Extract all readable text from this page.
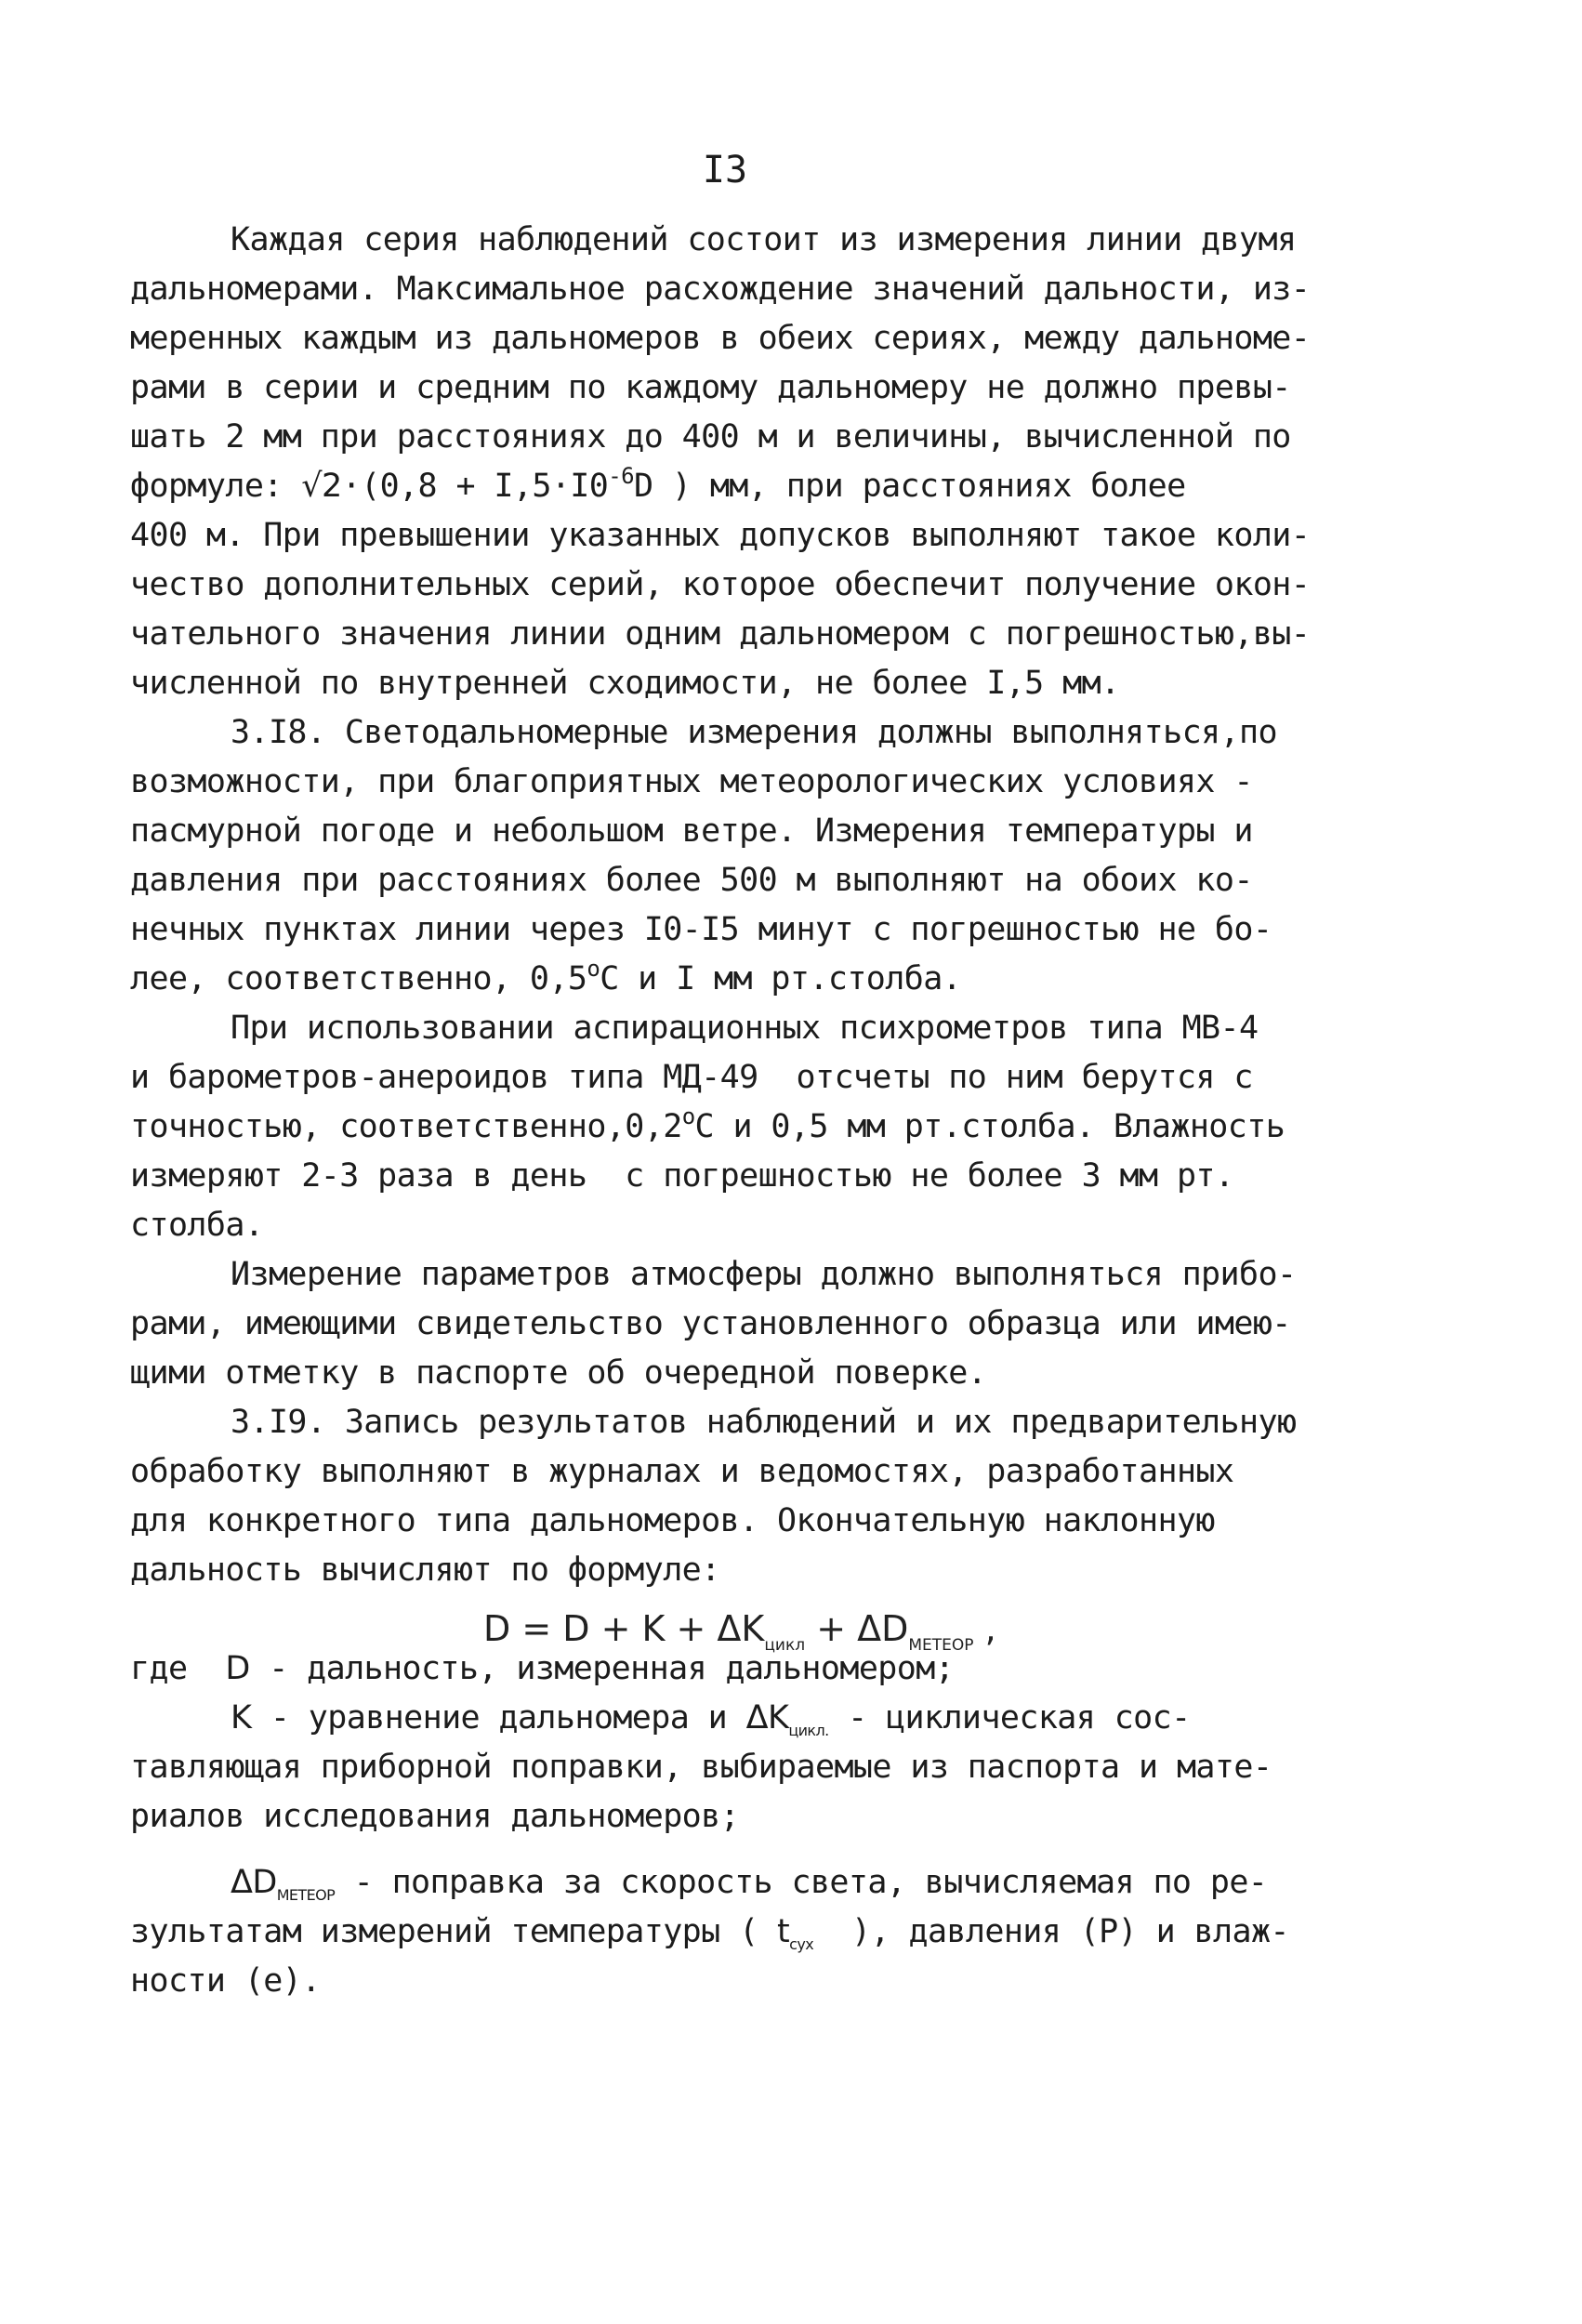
I3
Каждая серия наблюдений состоит из измерения линии двумя
дальномерами. Максимальное расхождение значений дальности, из-
меренных каждым из дальномеров в обеих сериях, между дальноме-
рами в серии и средним по каждому дальномеру не должно превы-
шать 2 мм при расстояниях до 400 м и величины, вычисленной по
формуле: $√2\cdot(0,8 + I,5\cdot I0^{-6}D$ ) мм, при расстояниях более
400 м. При превышении указанных допусков выполняют такое коли-
чество дополнительных серий, которое обеспечит получение окон-
чательного значения линии одним дальномером с погрешностью,вы-
численной по внутренней сходимости, не более I,5 мм.
3.I8. Светодальномерные измерения должны выполняться,по
возможности, при благоприятных метеорологических условиях -
пасмурной погоде и небольшом ветре. Измерения температуры и
давления при расстояниях более 500 м выполняют на обоих ко-
нечных пунктах линии через I0-I5 минут с погрешностью не бо-
лее, соответственно, 0,5$^o$C и I мм рт.столба.
При использовании аспирационных психрометров типа МВ-4
и барометров-анероидов типа МД-49  отсчеты по ним берутся с
точностью, соответственно,0,2$^o$C и 0,5 мм рт.столба. Влажность
измеряют 2-3 раза в день  с погрешностью не более 3 мм рт.
столба.
Измерение параметров атмосферы должно выполняться прибо-
рами, имеющими свидетельство установленного образца или имею-
щими отметку в паспорте об очередной поверке.
3.I9. Запись результатов наблюдений и их предварительную
обработку выполняют в журналах и ведомостях, разработанных
для конкретного типа дальномеров. Окончательную наклонную
дальность вычисляют по формуле:
где  D - дальность, измеренная дальномером;
K - уравнение дальномера и $\Delta K_{цикл.}$ - циклическая сос-
тавляющая приборной поправки, выбираемые из паспорта и мате-
риалов исследования дальномеров;
$\Delta D_{МЕТЕОР}$ - поправка за скорость света, вычисляемая по ре-
зультатам измерений температуры ( $t_{сух}$  ), давления (Р) и влаж-
ности (е).
$D = D + K + \Delta K_{цикл} + \Delta D_{МЕТЕОР}$ ,
